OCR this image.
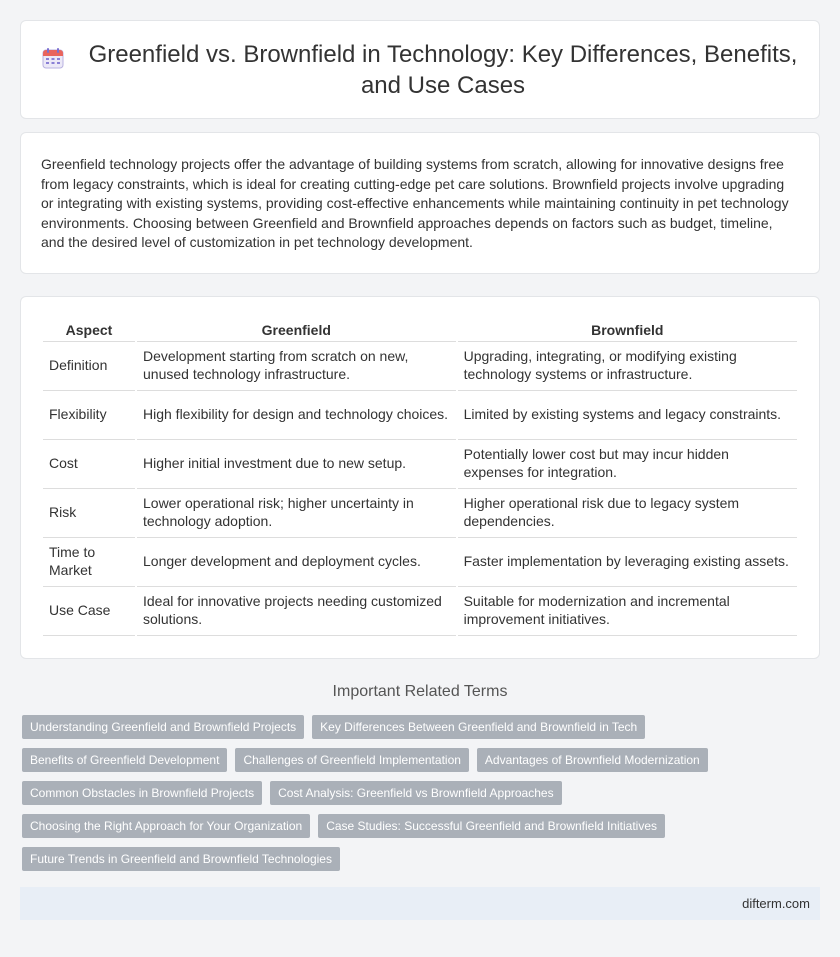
Greenfield vs. Brownfield in Technology: Key Differences, Benefits, and Use Cases

Greenfield technology projects offer the advantage of building systems from scratch, allowing for innovative designs free from legacy constraints, which is ideal for creating cutting-edge pet care solutions. Brownfield projects involve upgrading or integrating with existing systems, providing cost-effective enhancements while maintaining continuity in pet technology environments. Choosing between Greenfield and Brownfield approaches depends on factors such as budget, timeline, and the desired level of customization in pet technology development.

Aspect	Greenfield	Brownfield
Definition	Development starting from scratch on new, unused technology infrastructure.	Upgrading, integrating, or modifying existing technology systems or infrastructure.
Flexibility	High flexibility for design and technology choices.	Limited by existing systems and legacy constraints.
Cost	Higher initial investment due to new setup.	Potentially lower cost but may incur hidden expenses for integration.
Risk	Lower operational risk; higher uncertainty in technology adoption.	Higher operational risk due to legacy system dependencies.
Time to Market	Longer development and deployment cycles.	Faster implementation by leveraging existing assets.
Use Case	Ideal for innovative projects needing customized solutions.	Suitable for modernization and incremental improvement initiatives.
Important Related Terms
Understanding Greenfield and Brownfield Projects	Key Differences Between Greenfield and Brownfield in Tech
Benefits of Greenfield Development	Challenges of Greenfield Implementation	Advantages of Brownfield Modernization
Common Obstacles in Brownfield Projects	Cost Analysis: Greenfield vs Brownfield Approaches
Choosing the Right Approach for Your Organization	Case Studies: Successful Greenfield and Brownfield Initiatives
Future Trends in Greenfield and Brownfield Technologies
difterm.com
